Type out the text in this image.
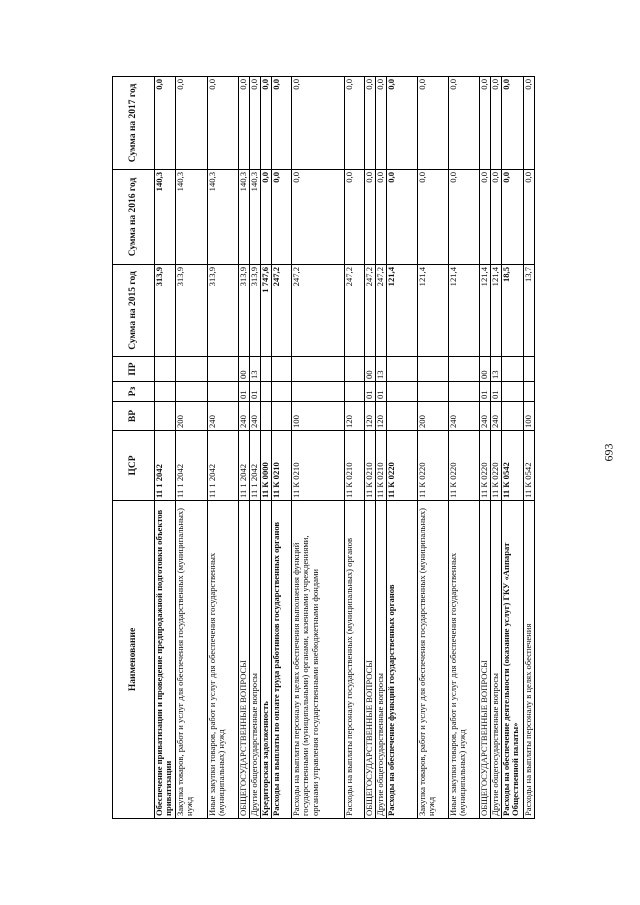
693
Наименование	ЦСР	ВР	Рз	ПР	Сумма на 2015 год	Сумма на 2016 год	Сумма на 2017 год
Обеспечение приватизации и проведение предпродажной подготовки объектов приватизации	11 1 2042				313,9	140,3	0,0
Закупка товаров, работ и услуг для обеспечения государственных (муниципальных) нужд	11 1 2042	200			313,9	140,3	0,0
Иные закупки товаров, работ и услуг для обеспечения государственных (муниципальных) нужд	11 1 2042	240			313,9	140,3	0,0
ОБЩЕГОСУДАРСТВЕННЫЕ ВОПРОСЫ	11 1 2042	240	01	00	313,9	140,3	0,0
Другие общегосударственные вопросы	11 1 2042	240	01	13	313,9	140,3	0,0
Кредиторская задолженность	11 К 0000				1 747,6	0,0	0,0
Расходы на выплаты по оплате труда работников государственных органов	11 К 0210				247,2	0,0	0,0
Расходы на выплаты персоналу в целях обеспечения выполнения функций государственными (муниципальными) органами, казенными учреждениями, органами управления государственными внебюджетными фондами	11 К 0210	100			247,2	0,0	0,0
Расходы на выплаты персоналу государственных (муниципальных) органов	11 К 0210	120			247,2	0,0	0,0
ОБЩЕГОСУДАРСТВЕННЫЕ ВОПРОСЫ	11 К 0210	120	01	00	247,2	0,0	0,0
Другие общегосударственные вопросы	11 К 0210	120	01	13	247,2	0,0	0,0
Расходы на обеспечение функций государственных органов	11 К 0220				121,4	0,0	0,0
Закупка товаров, работ и услуг для обеспечения государственных (муниципальных) нужд	11 К 0220	200			121,4	0,0	0,0
Иные закупки товаров, работ и услуг для обеспечения государственных (муниципальных) нужд	11 К 0220	240			121,4	0,0	0,0
ОБЩЕГОСУДАРСТВЕННЫЕ ВОПРОСЫ	11 К 0220	240	01	00	121,4	0,0	0,0
Другие общегосударственные вопросы	11 К 0220	240	01	13	121,4	0,0	0,0
Расходы на обеспечение деятельности (оказание услуг) ГКУ «Аппарат Общественной палаты»	11 К 0542				18,5	0,0	0,0
Расходы на выплаты персоналу в целях обеспечения	11 К 0542	100			13,7	0,0	0,0
